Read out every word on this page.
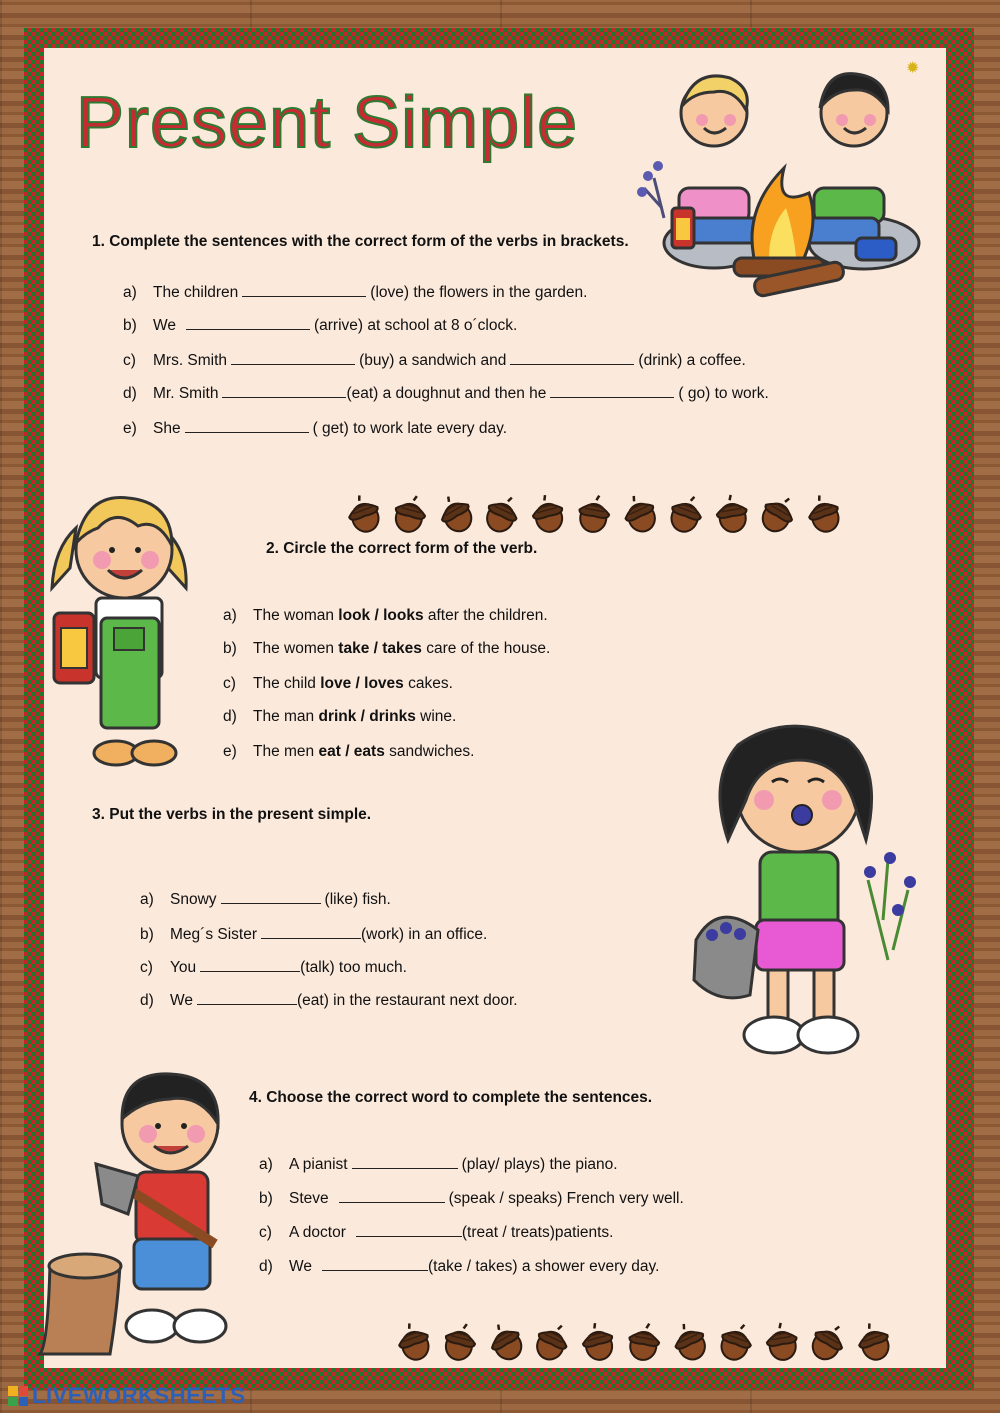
Present Simple
✹
1. Complete the sentences with the correct form of the verbs in brackets.
a) The children	(love) the flowers in the garden.
b) We	(arrive) at school at 8 o´clock.
c) Mrs. Smith	(buy) a sandwich and	(drink) a coffee.
d) Mr. Smith	(eat) a doughnut and then he	( go) to work.
e) She	( get) to work late every day.
2. Circle the correct form of the verb.
a) The woman look / looks after the children.
b) The women take / takes care of the house.
c) The child love / loves cakes.
d) The man drink / drinks wine.
e) The men eat / eats sandwiches.
3. Put the verbs in the present simple.
a) Snowy	(like) fish.
b) Meg´s Sister	(work) in an office.
c) You	(talk) too much.
d) We	(eat) in the restaurant next door.
4. Choose the correct word to complete the sentences.
a) A pianist	(play/ plays) the piano.
b) Steve	(speak / speaks) French very well.
c) A doctor	(treat / treats)patients.
d) We	(take / takes) a shower every day.
LIVEWORKSHEETS
